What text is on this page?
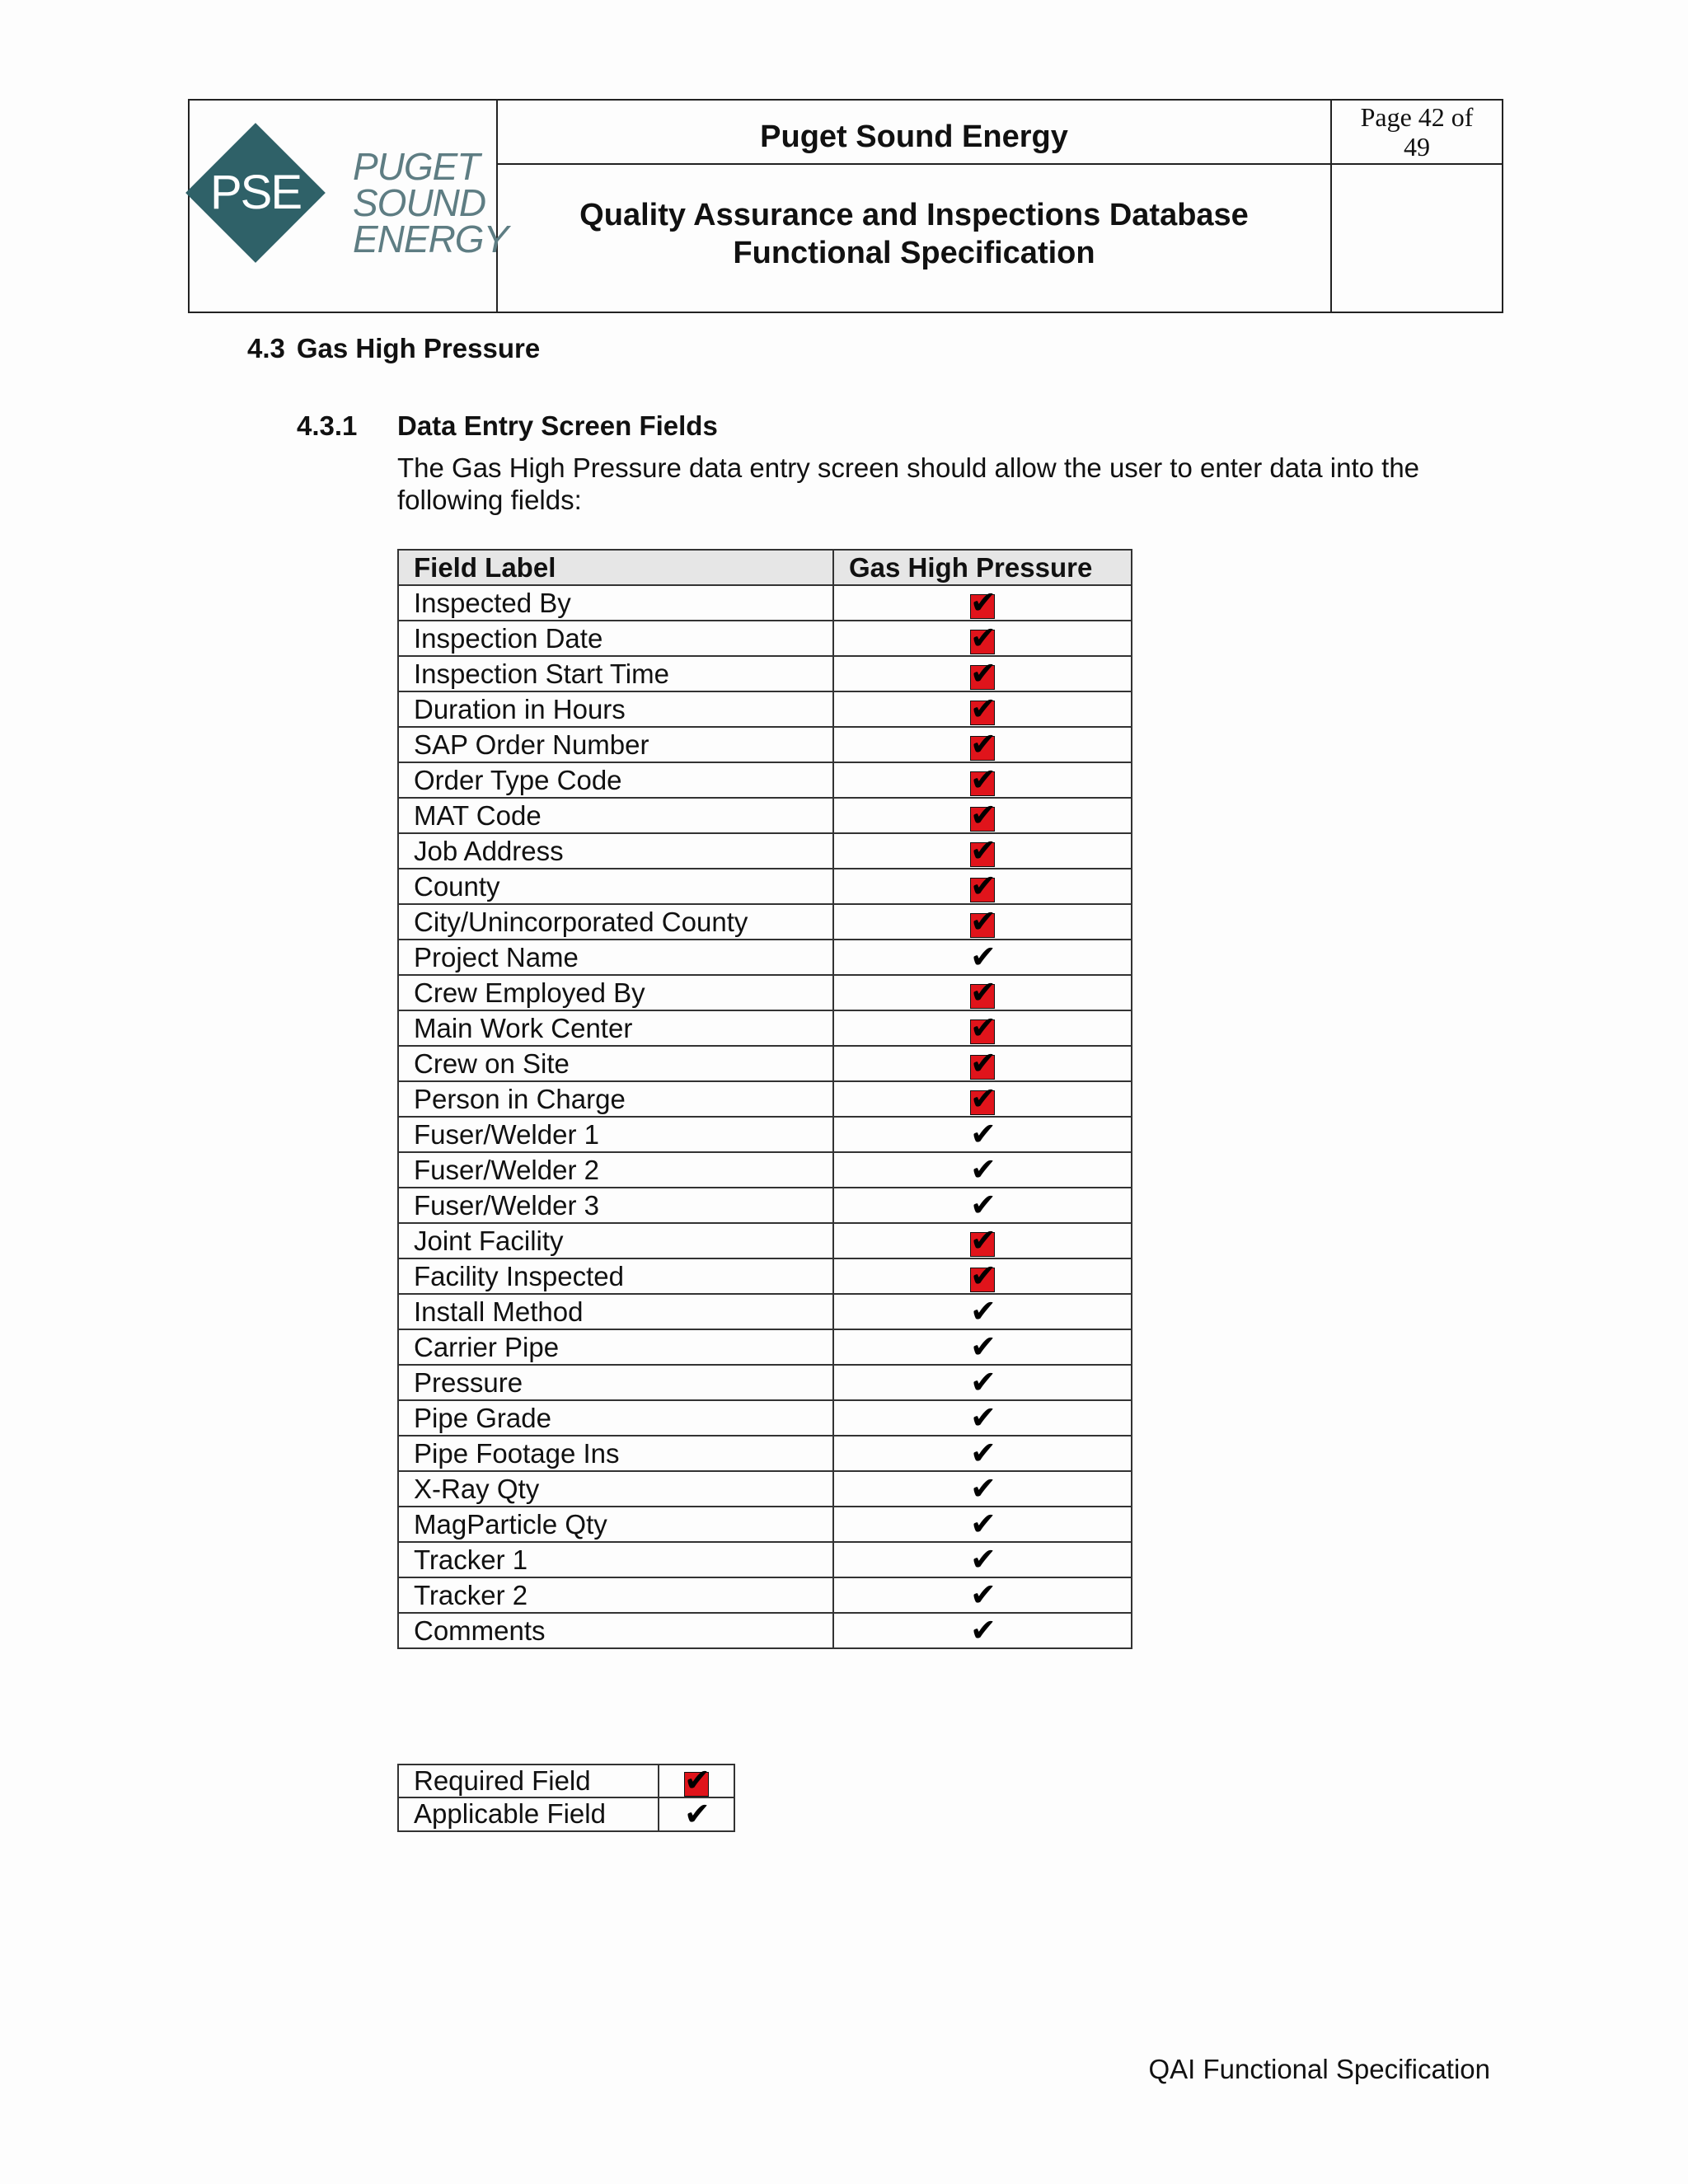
PSE PUGET
SOUND
ENERGY
Puget Sound Energy
Quality Assurance and Inspections Database
Functional Specification
Page 42 of
49
4.3 Gas High Pressure
4.3.1 Data Entry Screen Fields
The Gas High Pressure data entry screen should allow the user to enter data into the following fields:
Field Label	Gas High Pressure
Inspected By	✔
Inspection Date	✔
Inspection Start Time	✔
Duration in Hours	✔
SAP Order Number	✔
Order Type Code	✔
MAT Code	✔
Job Address	✔
County	✔
City/Unincorporated County	✔
Project Name	✔
Crew Employed By	✔
Main Work Center	✔
Crew on Site	✔
Person in Charge	✔
Fuser/Welder 1	✔
Fuser/Welder 2	✔
Fuser/Welder 3	✔
Joint Facility	✔
Facility Inspected	✔
Install Method	✔
Carrier Pipe	✔
Pressure	✔
Pipe Grade	✔
Pipe Footage Ins	✔
X-Ray Qty	✔
MagParticle Qty	✔
Tracker 1	✔
Tracker 2	✔
Comments	✔
Required Field	✔
Applicable Field	✔
QAI Functional Specification
